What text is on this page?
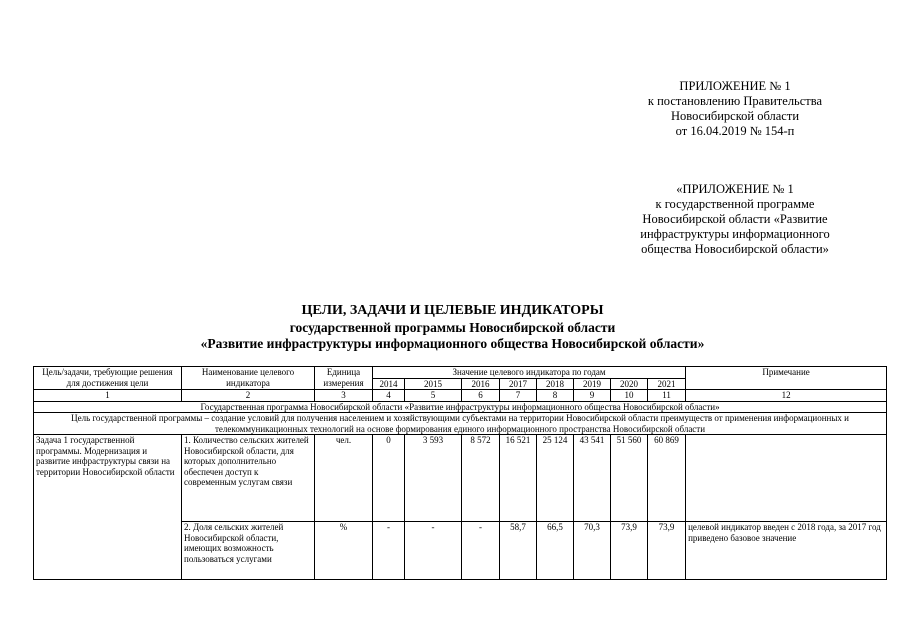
ПРИЛОЖЕНИЕ № 1
к постановлению Правительства
Новосибирской области
от 16.04.2019 № 154-п
«ПРИЛОЖЕНИЕ № 1
к государственной программе
Новосибирской области «Развитие
инфраструктуры информационного
общества Новосибирской области»
ЦЕЛИ, ЗАДАЧИ И ЦЕЛЕВЫЕ ИНДИКАТОРЫ
государственной программы Новосибирской области
«Развитие инфраструктуры информационного общества Новосибирской области»
Цель/задачи, требующие решения для достижения цели	Наименование целевого индикатора	Единица измерения	Значение целевого индикатора по годам								Примечание
			2014	2015	2016	2017	2018	2019	2020	2021	
1	2	3	4	5	6	7	8	9	10	11	12
Государственная программа Новосибирской области «Развитие инфраструктуры информационного общества Новосибирской области»											
Цель государственной программы – создание условий для получения населением и хозяйствующими субъектами на территории Новосибирской области преимуществ от применения информационных и телекоммуникационных технологий на основе формирования единого информационного пространства Новосибирской области											
Задача 1 государственной программы. Модернизация и развитие инфраструктуры связи на территории Новосибирской области	1. Количество сельских жителей Новосибирской области, для которых дополнительно обеспечен доступ к современным услугам связи	чел.	0	3 593	8 572	16 521	25 124	43 541	51 560	60 869	
	2. Доля сельских жителей Новосибирской области, имеющих возможность пользоваться услугами	%	-	-	-	58,7	66,5	70,3	73,9	73,9	целевой индикатор введен с 2018 года, за 2017 год приведено базовое значение
